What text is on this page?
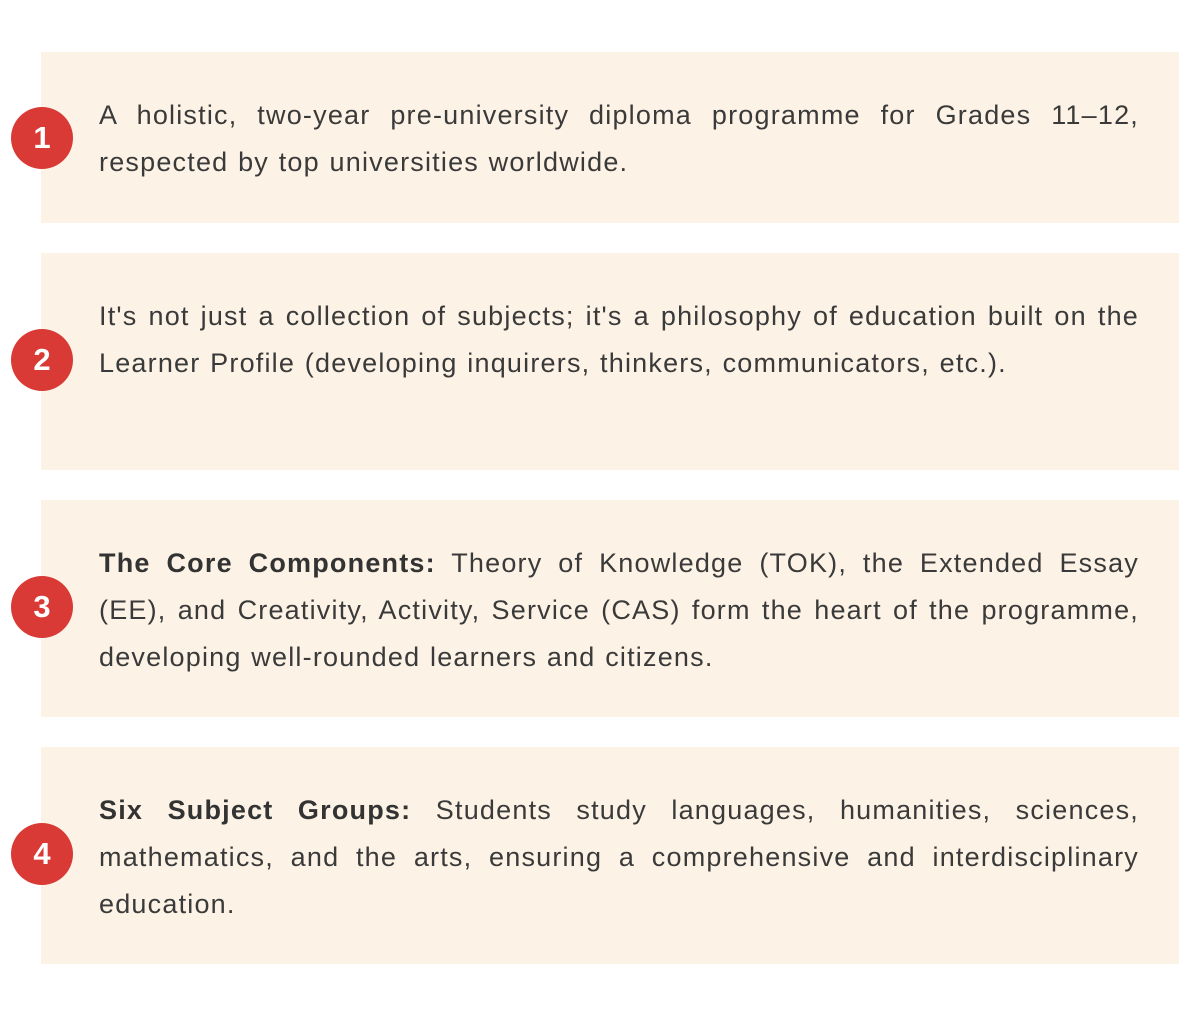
1
A holistic, two-year pre-university diploma programme for Grades 11–12, respected by top universities worldwide.
2
It's not just a collection of subjects; it's a philosophy of education built on the Learner Profile (developing inquirers, thinkers, communicators, etc.).
3
The Core Components: Theory of Knowledge (TOK), the Extended Essay (EE), and Creativity, Activity, Service (CAS) form the heart of the programme, developing well-rounded learners and citizens.
4
Six Subject Groups: Students study languages, humanities, sciences, mathematics, and the arts, ensuring a comprehensive and interdisciplinary education.
